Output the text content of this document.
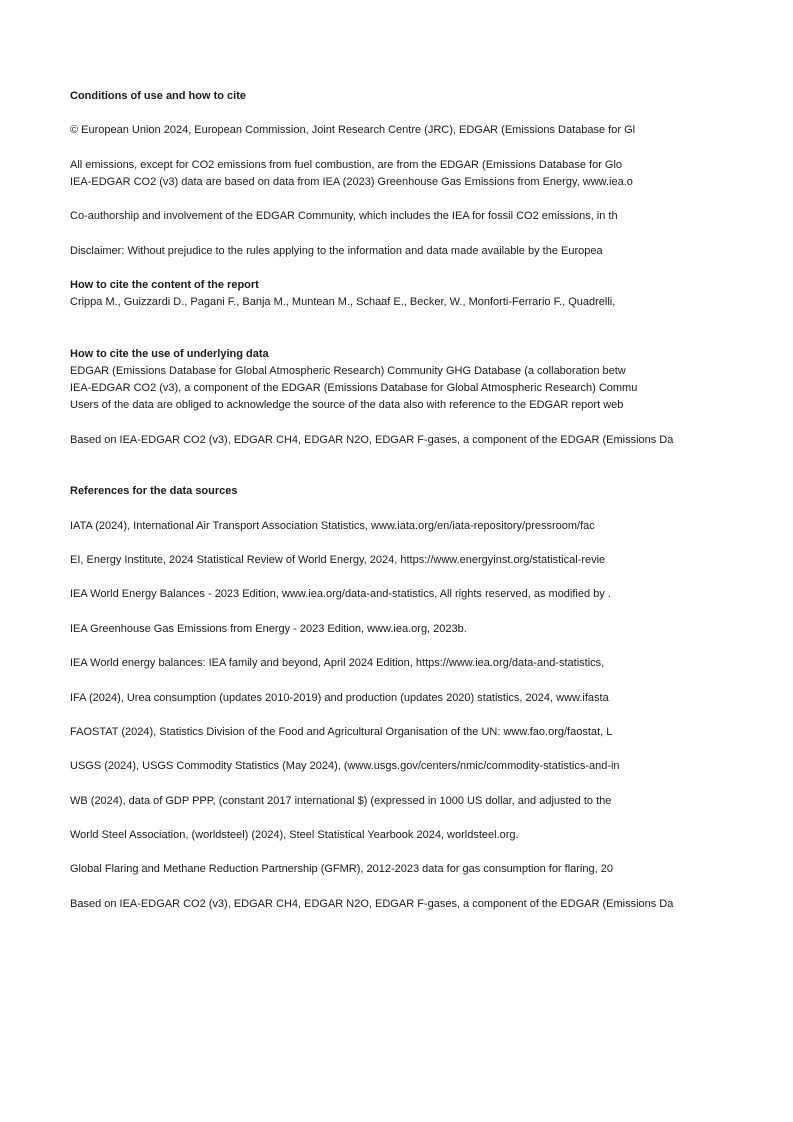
Conditions of use and how to cite

© European Union 2024, European Commission, Joint Research Centre (JRC), EDGAR (Emissions Database for Gl

All emissions, except for CO2 emissions from fuel combustion, are from the EDGAR (Emissions Database for Glo
IEA-EDGAR CO2 (v3) data are based on data from IEA (2023) Greenhouse Gas Emissions from Energy, www.iea.o

Co-authorship and involvement of the EDGAR Community, which includes the IEA for fossil CO2 emissions, in th

Disclaimer: Without prejudice to the rules applying to the information and data made available by the Europea

How to cite the content of the report
Crippa M., Guizzardi D., Pagani F., Banja M., Muntean M., Schaaf E., Becker, W., Monforti-Ferrario F., Quadrelli,

How to cite the use of underlying data
EDGAR (Emissions Database for Global Atmospheric Research) Community GHG Database (a collaboration betw
IEA-EDGAR CO2 (v3), a component of the EDGAR (Emissions Database for Global Atmospheric Research) Commu
Users of the data are obliged to acknowledge the source of the data also with reference to the EDGAR report web

Based on IEA-EDGAR CO2 (v3), EDGAR CH4, EDGAR N2O, EDGAR F-gases, a component of the EDGAR (Emissions Da

References for the data sources

IATA (2024), International Air Transport Association Statistics, www.iata.org/en/iata-repository/pressroom/fac

EI, Energy Institute, 2024 Statistical Review of World Energy, 2024, https://www.energyinst.org/statistical-revie

IEA World Energy Balances - 2023 Edition, www.iea.org/data-and-statistics, All rights reserved, as modified by .

IEA Greenhouse Gas Emissions from Energy - 2023 Edition, www.iea.org, 2023b.

IEA World energy balances: IEA family and beyond, April 2024 Edition, https://www.iea.org/data-and-statistics,

IFA (2024), Urea consumption (updates 2010-2019) and production (updates 2020) statistics, 2024, www.ifasta

FAOSTAT (2024), Statistics Division of the Food and Agricultural Organisation of the UN: www.fao.org/faostat, L

USGS (2024), USGS Commodity Statistics (May 2024), (www.usgs.gov/centers/nmic/commodity-statistics-and-in

WB (2024), data of GDP PPP, (constant 2017 international $) (expressed in 1000 US dollar, and adjusted to the

World Steel Association, (worldsteel) (2024), Steel Statistical Yearbook 2024, worldsteel.org.

Global Flaring and Methane Reduction Partnership (GFMR), 2012-2023 data for gas consumption for flaring, 20

Based on IEA-EDGAR CO2 (v3), EDGAR CH4, EDGAR N2O, EDGAR F-gases, a component of the EDGAR (Emissions Da
